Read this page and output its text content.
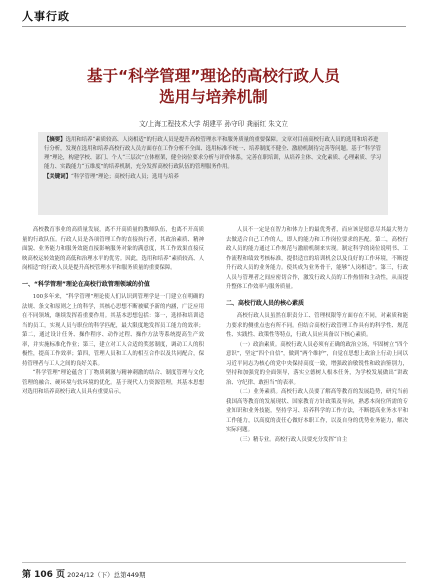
人事行政
基于“科学管理”理论的高校行政人员
选用与培养机制
文/上海工程技术大学 胡建平 孙守印 龚丽红 朱文立

【摘要】选用和培养“素质较高、人岗相适”的行政人员是提升高校管理水平和服务质量的重要保障。文章对目前高校行政人员的选用和培养进行分析，发现在选用和培养高校行政人员方面存在工作分析不全面、选用标准不统一、培养制度不健全、激励机制待完善等问题。基于“科学管理”理论，构建学校、部门、个人“三层次”立体框架，健全岗位要求分析与评价体系，完善在职培训，从培养主体、文化素质、心理素质、学习能力、实践能力“五维度”的培养机制，充分发挥高校行政队伍的管理服务作用。

【关键词】“科学管理”理论；高校行政人员；选用与培养

高校教育事业的高质量发展，离不开高质量的教师队伍，也离不开高质量的行政队伍。行政人员是各项管理工作的直接执行者，其政治素质、精神面貌、业务能力和服务效能直接影响服务对象的满意度，其工作效果直接反映高校运转效能的高低和治理水平的优劣。因此，选用和培养“素质较高、人岗相适”的行政人员是提升高校管理水平和服务质量的重要保障。

一、“科学管理”理论在高校行政管理领域的价值

100多年来，“科学管理”理论使人们认识到管理学是一门建立在明确的法规、条文和原则之上的科学，其核心思想不断被赋予新的内涵，广泛应用在不同领域，继续发挥着重要作用。其基本思想包括：第一，选择和培训适当的员工，实现人员与职位的科学匹配，最大限度地发挥员工能力的效率；第二，通过设计任务、操作程序、动作过程、操作方法等系统提高生产效率，并实施标准化作业；第三，建立对工人合适的奖惩制度，调动工人的积极性，提高工作效率；第四，管理人员和工人的相互合作以及共同配合，保持管理者与工人之间的良好关系。

“科学管理”理论蕴含丁丁物质刺激与精神刺激的结合、制度管理与文化管理的融合、硬环境与软环境的优化。基于现代人力资源管理，其基本思想对选用和培养高校行政人员具有重要启示。

人员不一定是在智力和体力上的最优秀者，而应该是愿意尽其最大努力去做适合自己工作的人，即人的能力和工作岗位要求的匹配。第二，高校行政人员的能力通过工作规范与激励机制来实现。制定科学的岗位说明书、工作流程和绩效考核标准，提供适宜的培训机会以及良好的工作环境，不断提升行政人员的业务能力。使其成为业务骨干，能够“人岗相适”。第三，行政人员与管理者之间应密切合作，激发行政人员的工作热情和主动性，从而提升整体工作效率与服务质量。

二、高校行政人员的核心素质

高校行政人员虽然在职责分工、管理权限等方面存在不同，对素质和能力要求的侧重点也有所不同。但结合高校行政管理工作具有的科学性、规范性、实践性、政策性等特点，行政人员应具备以下核心素质。

（一）政治素质。高校行政人员必须有正确的政治立场，牢固树立“四个意识”，坚定“四个自信”，做到“两个维护”，自觉在思想上政治上行动上同以习近平同志为核心的党中央保持高度一致，增强政治敏锐性和政治鉴别力，坚持和加强党的全面领导，落实立德树人根本任务，为学校发展做出“讲政治、守纪律、敢担当”的表率。

（二）业务素质。高校行政人员要了解高等教育的发展趋势，研究当前我国高等教育的发展现状、国家教育方针政策及导向，熟悉本岗位所需的专业知识和业务技能，坚持学习、培养科学的工作方法，不断提高业务水平和工作能力，以高度的责任心做好本职工作，以及自身的优势业务能力，解决实际问题。

（三）精专业。高校行政人员要充分发挥“自主

第 106 页 2024/12（下）总第449期
